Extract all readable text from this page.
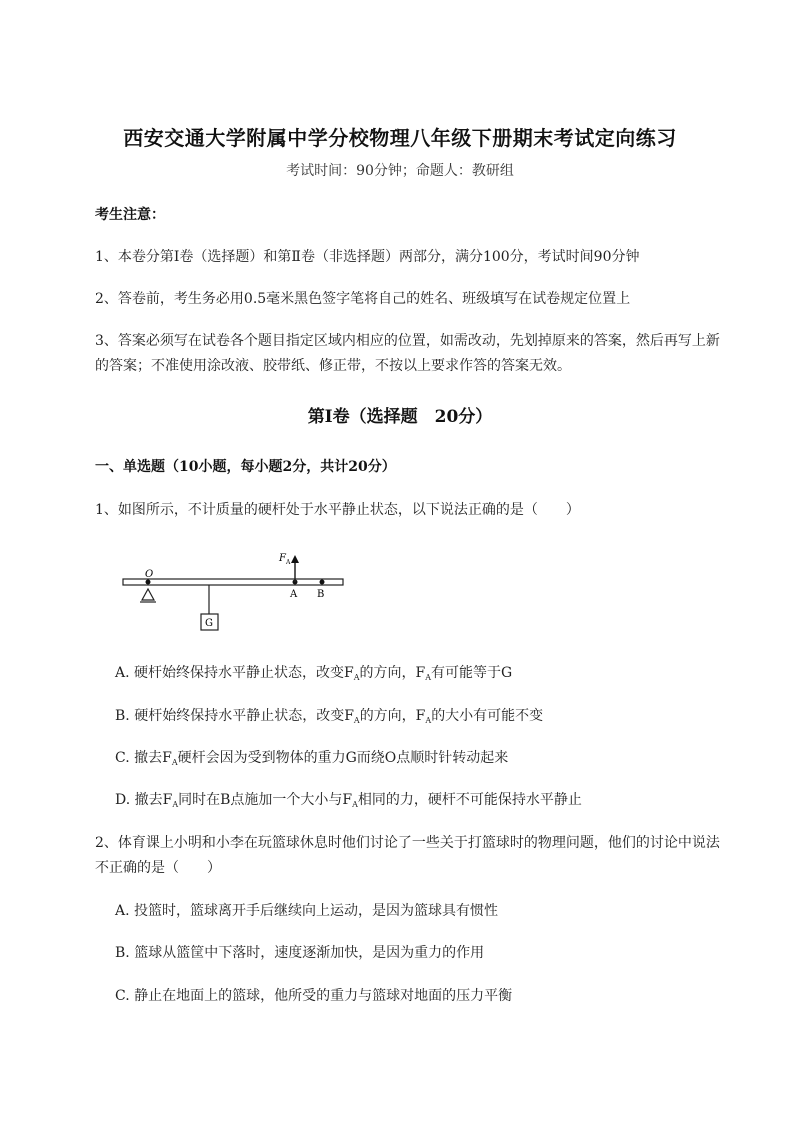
西安交通大学附属中学分校物理八年级下册期末考试定向练习
考试时间：90分钟；命题人：教研组
考生注意：
1、本卷分第I卷（选择题）和第Ⅱ卷（非选择题）两部分，满分100分，考试时间90分钟
2、答卷前，考生务必用0.5毫米黑色签字笔将自己的姓名、班级填写在试卷规定位置上
3、答案必须写在试卷各个题目指定区域内相应的位置，如需改动，先划掉原来的答案，然后再写上新
的答案；不准使用涂改液、胶带纸、修正带，不按以上要求作答的答案无效。
第I卷（选择题　20分）
一、单选题（10小题，每小题2分，共计20分）
1、如图所示，不计质量的硬杆处于水平静止状态，以下说法正确的是（　　）
O
G
F A
A B
A. 硬杆始终保持水平静止状态，改变$F_A$的方向，$F_A$有可能等于G
B. 硬杆始终保持水平静止状态，改变$F_A$的方向，$F_A$的大小有可能不变
C. 撤去$F_A$硬杆会因为受到物体的重力G而绕O点顺时针转动起来
D. 撤去$F_A$同时在B点施加一个大小与$F_A$相同的力，硬杆不可能保持水平静止
2、体育课上小明和小李在玩篮球休息时他们讨论了一些关于打篮球时的物理问题，他们的讨论中说法
不正确的是（　　）
A. 投篮时，篮球离开手后继续向上运动，是因为篮球具有惯性
B. 篮球从篮筐中下落时，速度逐渐加快，是因为重力的作用
C. 静止在地面上的篮球，他所受的重力与篮球对地面的压力平衡
